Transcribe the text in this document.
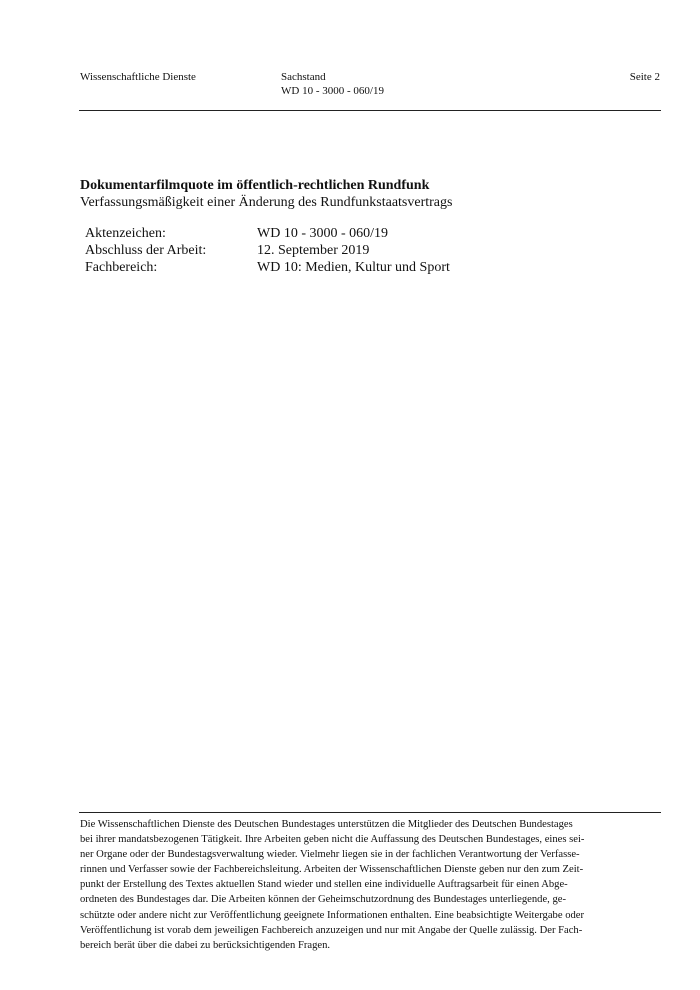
Wissenschaftliche Dienste	Sachstand
WD 10 - 3000 - 060/19
Seite 2
Dokumentarfilmquote im öffentlich-rechtlichen Rundfunk
Verfassungsmäßigkeit einer Änderung des Rundfunkstaatsvertrags
Aktenzeichen:	WD 10 - 3000 - 060/19
Abschluss der Arbeit:	12. September 2019
Fachbereich:	WD 10: Medien, Kultur und Sport
Die Wissenschaftlichen Dienste des Deutschen Bundestages unterstützen die Mitglieder des Deutschen Bundestages
bei ihrer mandatsbezogenen Tätigkeit. Ihre Arbeiten geben nicht die Auffassung des Deutschen Bundestages, eines sei-
ner Organe oder der Bundestagsverwaltung wieder. Vielmehr liegen sie in der fachlichen Verantwortung der Verfasse-
rinnen und Verfasser sowie der Fachbereichsleitung. Arbeiten der Wissenschaftlichen Dienste geben nur den zum Zeit-
punkt der Erstellung des Textes aktuellen Stand wieder und stellen eine individuelle Auftragsarbeit für einen Abge-
ordneten des Bundestages dar. Die Arbeiten können der Geheimschutzordnung des Bundestages unterliegende, ge-
schützte oder andere nicht zur Veröffentlichung geeignete Informationen enthalten. Eine beabsichtigte Weitergabe oder
Veröffentlichung ist vorab dem jeweiligen Fachbereich anzuzeigen und nur mit Angabe der Quelle zulässig. Der Fach-
bereich berät über die dabei zu berücksichtigenden Fragen.
